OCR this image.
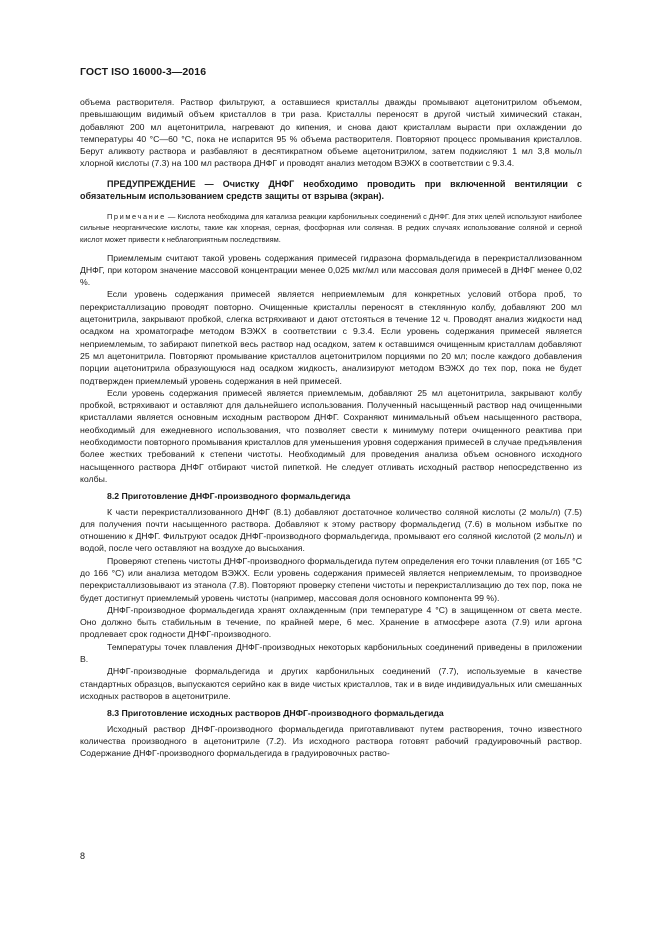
ГОСТ ISO 16000-3—2016

объема растворителя. Раствор фильтруют, а оставшиеся кристаллы дважды промывают ацетонитрилом объемом, превышающим видимый объем кристаллов в три раза. Кристаллы переносят в другой чистый химический стакан, добавляют 200 мл ацетонитрила, нагревают до кипения, и снова дают кристаллам вырасти при охлаждении до температуры 40 °С—60 °С, пока не испарится 95 % объема растворителя. Повторяют процесс промывания кристаллов. Берут аликвоту раствора и разбавляют в десятикратном объеме ацетонитрилом, затем подкисляют 1 мл 3,8 моль/л хлорной кислоты (7.3) на 100 мл раствора ДНФГ и проводят анализ методом ВЭЖХ в соответствии с 9.3.4.

ПРЕДУПРЕЖДЕНИЕ — Очистку ДНФГ необходимо проводить при включенной вентиляции с обязательным использованием средств защиты от взрыва (экран).

Примечание — Кислота необходима для катализа реакции карбонильных соединений с ДНФГ. Для этих целей используют наиболее сильные неорганические кислоты, такие как хлорная, серная, фосфорная или соляная. В редких случаях использование соляной и серной кислот может привести к неблагоприятным последствиям.

Приемлемым считают такой уровень содержания примесей гидразона формальдегида в перекристаллизованном ДНФГ, при котором значение массовой концентрации менее 0,025 мкг/мл или массовая доля примесей в ДНФГ менее 0,02 %.

Если уровень содержания примесей является неприемлемым для конкретных условий отбора проб, то перекристаллизацию проводят повторно. Очищенные кристаллы переносят в стеклянную колбу, добавляют 200 мл ацетонитрила, закрывают пробкой, слегка встряхивают и дают отстояться в течение 12 ч. Проводят анализ жидкости над осадком на хроматографе методом ВЭЖХ в соответствии с 9.3.4. Если уровень содержания примесей является неприемлемым, то забирают пипеткой весь раствор над осадком, затем к оставшимся очищенным кристаллам добавляют 25 мл ацетонитрила. Повторяют промывание кристаллов ацетонитрилом порциями по 20 мл; после каждого добавления порции ацетонитрила образующуюся над осадком жидкость, анализируют методом ВЭЖХ до тех пор, пока не будет подтвержден приемлемый уровень содержания в ней примесей.

Если уровень содержания примесей является приемлемым, добавляют 25 мл ацетонитрила, закрывают колбу пробкой, встряхивают и оставляют для дальнейшего использования. Полученный насыщенный раствор над очищенными кристаллами является основным исходным раствором ДНФГ. Сохраняют минимальный объем насыщенного раствора, необходимый для ежедневного использования, что позволяет свести к минимуму потери очищенного реактива при необходимости повторного промывания кристаллов для уменьшения уровня содержания примесей в случае предъявления более жестких требований к степени чистоты. Необходимый для проведения анализа объем основного исходного насыщенного раствора ДНФГ отбирают чистой пипеткой. Не следует отливать исходный раствор непосредственно из колбы.

8.2 Приготовление ДНФГ-производного формальдегида

К части перекристаллизованного ДНФГ (8.1) добавляют достаточное количество соляной кислоты (2 моль/л) (7.5) для получения почти насыщенного раствора. Добавляют к этому раствору формальдегид (7.6) в мольном избытке по отношению к ДНФГ. Фильтруют осадок ДНФГ-производного формальдегида, промывают его соляной кислотой (2 моль/л) и водой, после чего оставляют на воздухе до высыхания.

Проверяют степень чистоты ДНФГ-производного формальдегида путем определения его точки плавления (от 165 °С до 166 °С) или анализа методом ВЭЖХ. Если уровень содержания примесей является неприемлемым, то производное перекристаллизовывают из этанола (7.8). Повторяют проверку степени чистоты и перекристаллизацию до тех пор, пока не будет достигнут приемлемый уровень чистоты (например, массовая доля основного компонента 99 %).

ДНФГ-производное формальдегида хранят охлажденным (при температуре 4 °С) в защищенном от света месте. Оно должно быть стабильным в течение, по крайней мере, 6 мес. Хранение в атмосфере азота (7.9) или аргона продлевает срок годности ДНФГ-производного.

Температуры точек плавления ДНФГ-производных некоторых карбонильных соединений приведены в приложении В.

ДНФГ-производные формальдегида и других карбонильных соединений (7.7), используемые в качестве стандартных образцов, выпускаются серийно как в виде чистых кристаллов, так и в виде индивидуальных или смешанных исходных растворов в ацетонитриле.

8.3 Приготовление исходных растворов ДНФГ-производного формальдегида

Исходный раствор ДНФГ-производного формальдегида приготавливают путем растворения, точно известного количества производного в ацетонитриле (7.2). Из исходного раствора готовят рабочий градуировочный раствор. Содержание ДНФГ-производного формальдегида в градуировочных раство-

8
